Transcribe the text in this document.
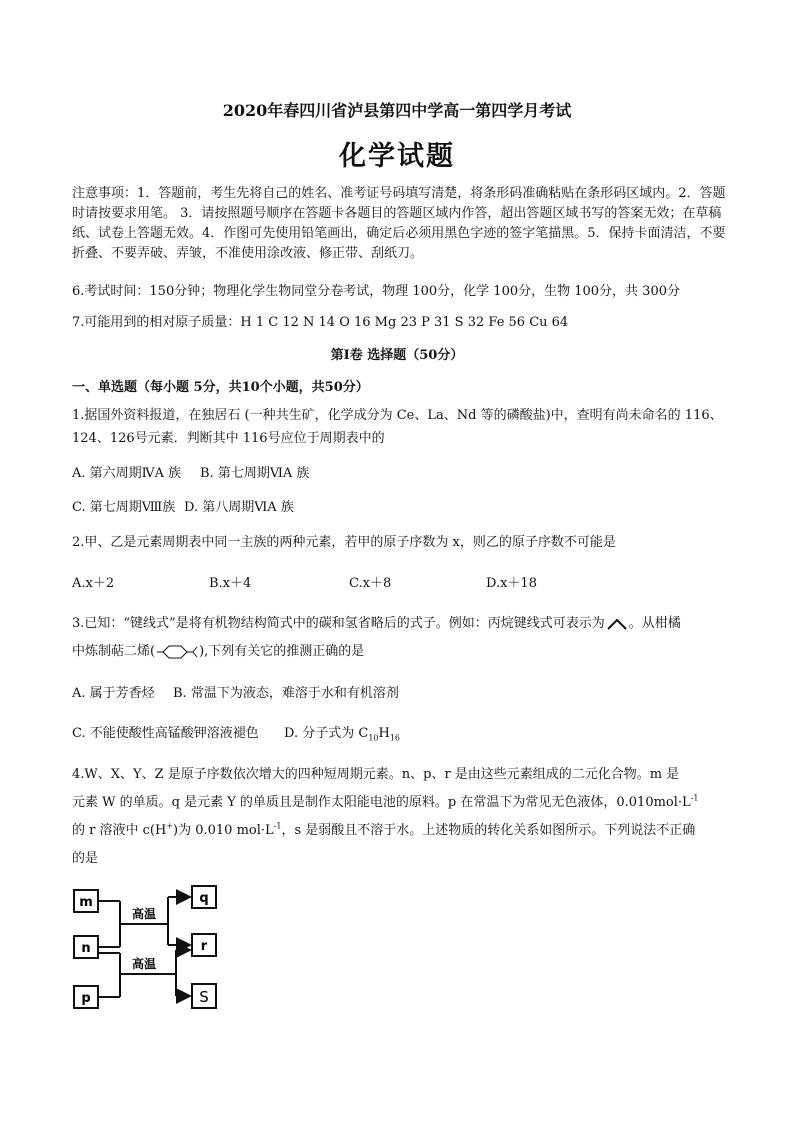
2020年春四川省泸县第四中学高一第四学月考试
化学试题
注意事项：1．答题前，考生先将自己的姓名、准考证号码填写清楚，将条形码准确粘贴在条形码区域内。2．答题时请按要求用笔。 3．请按照题号顺序在答题卡各题目的答题区域内作答，超出答题区域书写的答案无效；在草稿纸、试卷上答题无效。4．作图可先使用铅笔画出，确定后必须用黑色字迹的签字笔描黑。5．保持卡面清洁，不要折叠、不要弄破、弄皱，不准使用涂改液、修正带、刮纸刀。
6.考试时间：150分钟；物理化学生物同堂分卷考试，物理 100分，化学 100分，生物 100分，共 300分
7.可能用到的相对原子质量：H 1 C 12 N 14 O 16 Mg 23 P 31 S 32 Fe 56 Cu 64
第Ⅰ卷 选择题（50分）
一、单选题（每小题 5分，共10个小题，共50分）
1.据国外资料报道，在独居石 (一种共生矿，化学成分为 Ce、La、Nd 等的磷酸盐)中，查明有尚未命名的 116、124、126号元素．判断其中 116号应位于周期表中的
A. 第六周期ⅣA 族 B. 第七周期ⅥA 族
C. 第七周期Ⅷ族 D. 第八周期ⅥA 族
2.甲、乙是元素周期表中同一主族的两种元素，若甲的原子序数为 x，则乙的原子序数不可能是
A.x＋2	B.x＋4	C.x＋8	D.x＋18
3.已知：“键线式”是将有机物结构简式中的碳和氢省略后的式子。例如：丙烷键线式可表示为 。从柑橘
中炼制萜二烯(	),下列有关它的推测正确的是
A. 属于芳香烃 B. 常温下为液态，难溶于水和有机溶剂
C. 不能使酸性高锰酸钾溶液褪色 D. 分子式为 $C_{10}H_{16}$
4.W、X、Y、Z 是原子序数依次增大的四种短周期元素。n、p、r 是由这些元素组成的二元化合物。m 是
元素 W 的单质。q 是元素 Y 的单质且是制作太阳能电池的原料。p 在常温下为常见无色液体，$0.010mol\cdot L^{-1}$
的 r 溶液中 c(H+)为 0.010 $mol\cdot L^{-1}$，s 是弱酸且不溶于水。上述物质的转化关系如图所示。下列说法不正确
的是
m
n
p
q
r
S
高温
高温
